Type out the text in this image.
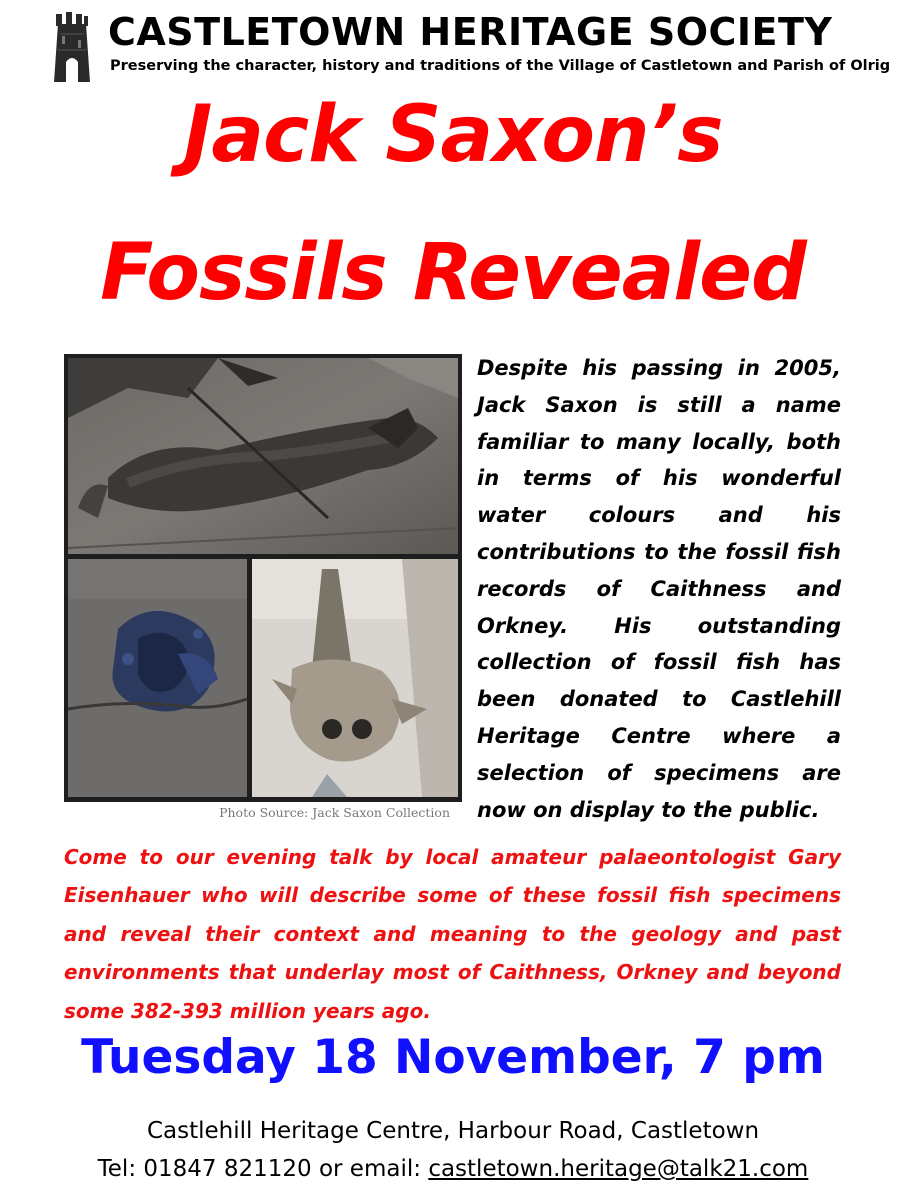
CASTLETOWN HERITAGE SOCIETY
Preserving the character, history and traditions of the Village of Castletown and Parish of Olrig
Jack Saxon’s
Fossils Revealed
Photo Source: Jack Saxon Collection
Despite his passing in 2005, Jack Saxon is still a name familiar to many locally, both in terms of his wonderful water colours and his contributions to the fossil fish records of Caithness and Orkney. His outstanding collection of fossil fish has been donated to Castlehill Heritage Centre where a selection of specimens are now on display to the public.
Come to our evening talk by local amateur palaeontologist Gary Eisenhauer who will describe some of these fossil fish specimens and reveal their context and meaning to the geology and past environments that underlay most of Caithness, Orkney and beyond some 382-393 million years ago.
Tuesday 18 November, 7 pm
Castlehill Heritage Centre, Harbour Road, Castletown
Tel: 01847 821120 or email: castletown.heritage@talk21.com
